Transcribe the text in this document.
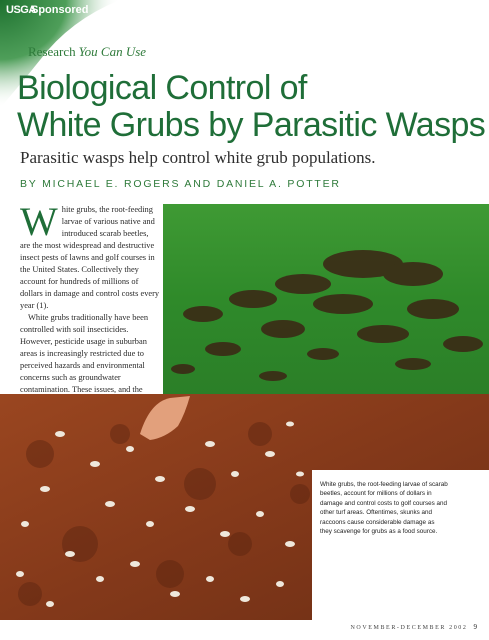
USGA
Sponsored
Research You Can Use
Biological Control of
White Grubs by Parasitic Wasps
Parasitic wasps help control white grub populations.
BY MICHAEL E. ROGERS AND DANIEL A. POTTER

White grubs, the root-feeding larvae of various native and introduced scarab beetles, are the most widespread and destructive insect pests of lawns and golf courses in the United States. Collectively they account for hundreds of millions of dollars in damage and control costs every year (1).

White grubs traditionally have been controlled with soil insecticides. However, pesticide usage in suburban areas is increasingly restricted due to perceived hazards and environmental concerns such as groundwater contamination. These issues, and the

White grubs, the root-feeding larvae of scarab beetles, account for millions of dollars in damage and control costs to golf courses and other turf areas. Oftentimes, skunks and raccoons cause considerable damage as they scavenge for grubs as a food source.
NOVEMBER-DECEMBER 2002 9
